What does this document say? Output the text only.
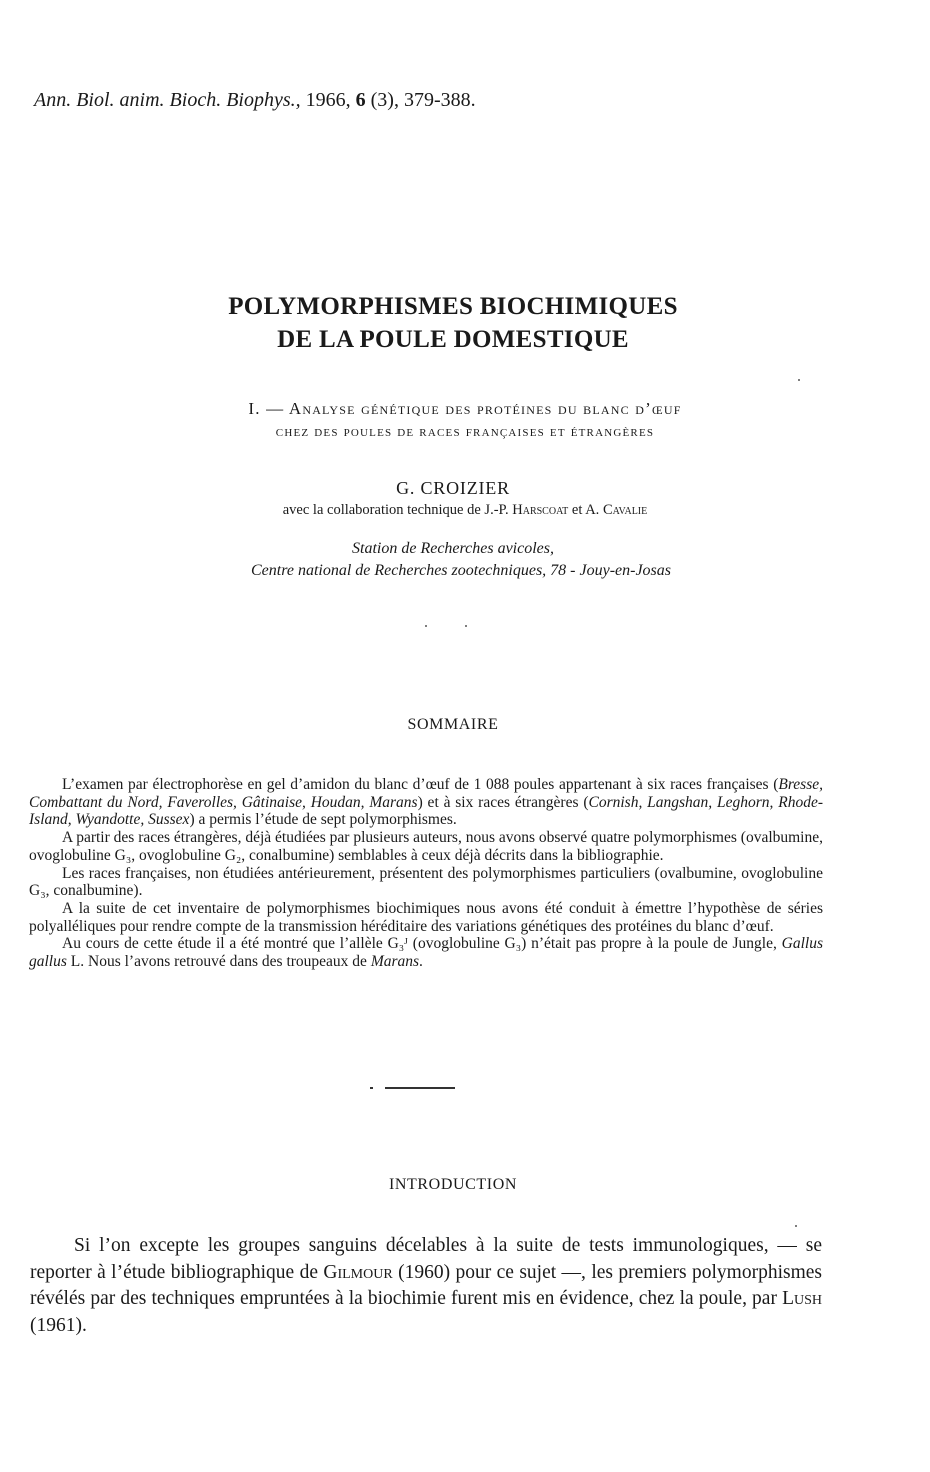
Ann. Biol. anim. Bioch. Biophys., 1966, 6 (3), 379-388.
POLYMORPHISMES BIOCHIMIQUES
DE LA POULE DOMESTIQUE
I. — Analyse génétique des protéines du blanc d’œuf
chez des poules de races françaises et étrangères
G. CROIZIER
avec la collaboration technique de J.-P. Harscoat et A. Cavalie
Station de Recherches avicoles,
Centre national de Recherches zootechniques, 78 - Jouy-en-Josas
SOMMAIRE

L’examen par électrophorèse en gel d’amidon du blanc d’œuf de 1 088 poules appartenant à six races françaises (Bresse, Combattant du Nord, Faverolles, Gâtinaise, Houdan, Marans) et à six races étrangères (Cornish, Langshan, Leghorn, Rhode-Island, Wyandotte, Sussex) a permis l’étude de sept polymorphismes.

A partir des races étrangères, déjà étudiées par plusieurs auteurs, nous avons observé quatre polymorphismes (ovalbumine, ovoglobuline G₃, ovoglobuline G₂, conalbumine) semblables à ceux déjà décrits dans la bibliographie.

Les races françaises, non étudiées antérieurement, présentent des polymorphismes particuliers (ovalbumine, ovoglobuline G₃, conalbumine).

A la suite de cet inventaire de polymorphismes biochimiques nous avons été conduit à émettre l’hypothèse de séries polyalléliques pour rendre compte de la transmission héréditaire des variations génétiques des protéines du blanc d’œuf.

Au cours de cette étude il a été montré que l’allèle G₃ᴶ (ovoglobuline G₃) n’était pas propre à la poule de Jungle, Gallus gallus L. Nous l’avons retrouvé dans des troupeaux de Marans.

INTRODUCTION

Si l’on excepte les groupes sanguins décelables à la suite de tests immunologiques, — se reporter à l’étude bibliographique de Gilmour (1960) pour ce sujet —, les premiers polymorphismes révélés par des techniques empruntées à la biochimie furent mis en évidence, chez la poule, par Lush (1961).
